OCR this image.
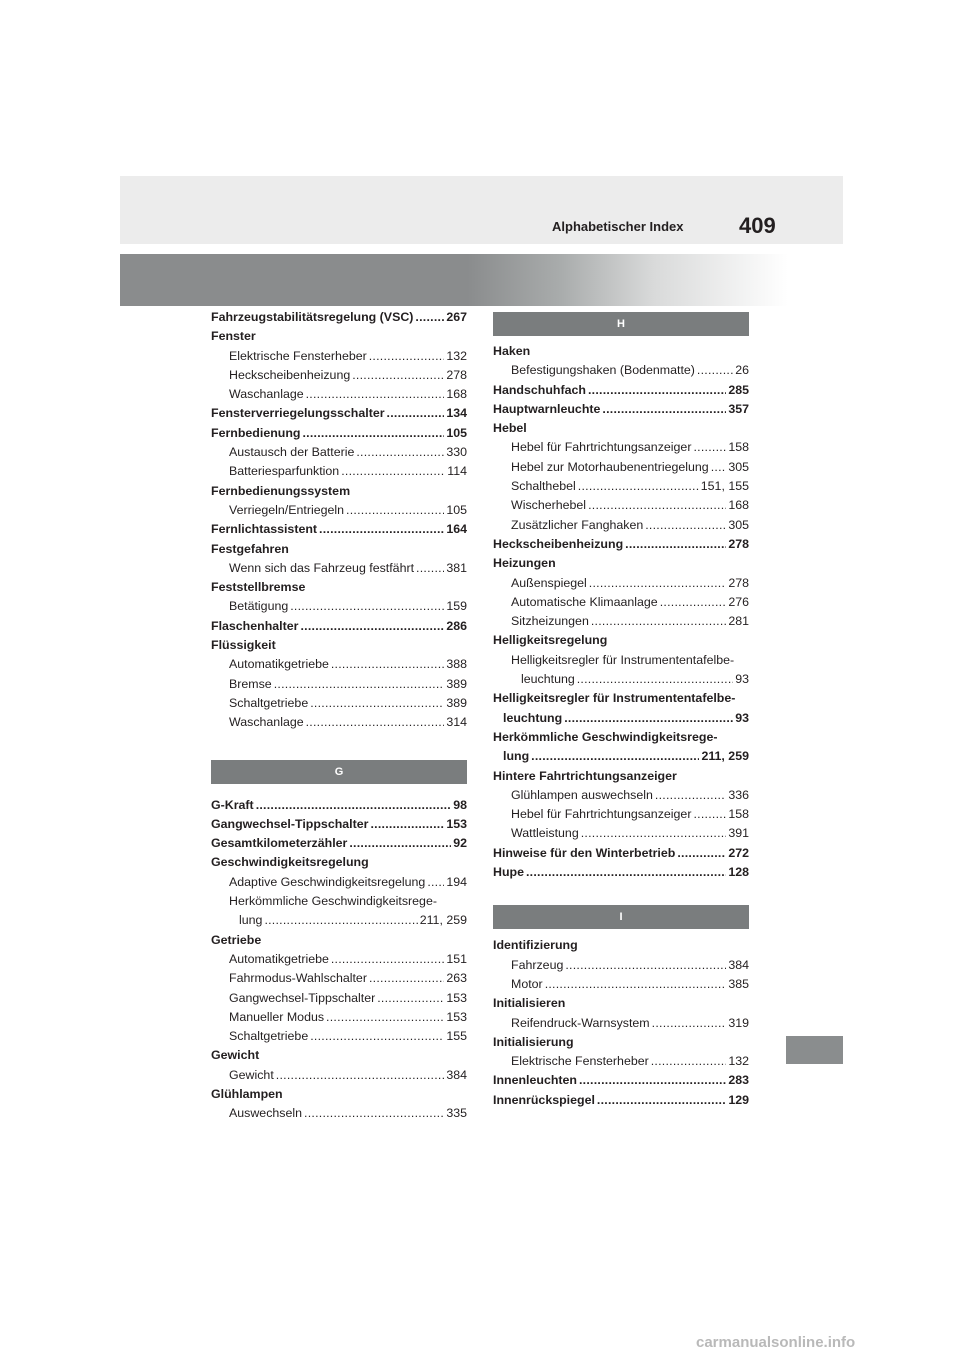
Alphabetischer Index	409
Fahrzeugstabilitätsregelung (VSC) . . .	267
Fenster
Elektrische Fensterheber . . .	132
Heckscheibenheizung . . .	278
Waschanlage . . .	168
Fensterverriegelungsschalter . . .	134
Fernbedienung . . .	105
Austausch der Batterie . . .	330
Batteriesparfunktion . . .	114
Fernbedienungssystem
Verriegeln/Entriegeln . . .	105
Fernlichtassistent . . .	164
Festgefahren
Wenn sich das Fahrzeug festfährt . . .	381
Feststellbremse
Betätigung . . .	159
Flaschenhalter . . .	286
Flüssigkeit
Automatikgetriebe . . .	388
Bremse . . .	389
Schaltgetriebe . . .	389
Waschanlage . . .	314
G
G-Kraft . . .	98
Gangwechsel-Tippschalter . . .	153
Gesamtkilometerzähler . . .	92
Geschwindigkeitsregelung
Adaptive Geschwindigkeitsregelung . . . 194
Herkömmliche Geschwindigkeitsrege-
lung . . .	211, 259
Getriebe
Automatikgetriebe . . .	151
Fahrmodus-Wahlschalter . . .	263
Gangwechsel-Tippschalter . . .	153
Manueller Modus . . .	153
Schaltgetriebe . . .	155
Gewicht
Gewicht . . .	384
Glühlampen
Auswechseln . . .	335
H
Haken
Befestigungshaken (Bodenmatte) . . .	26
Handschuhfach . . .	285
Hauptwarnleuchte . . .	357
Hebel
Hebel für Fahrtrichtungsanzeiger . . .	158
Hebel zur Motorhaubenentriegelung . . . 305
Schalthebel . . .	151, 155
Wischerhebel . . .	168
Zusätzlicher Fanghaken . . .	305
Heckscheibenheizung . . .	278
Heizungen
Außenspiegel . . .	278
Automatische Klimaanlage . . .	276
Sitzheizungen . . .	281
Helligkeitsregelung
Helligkeitsregler für Instrumententafelbe-
leuchtung . . .	93
Helligkeitsregler für Instrumententafelbe-
leuchtung . . .	93
Herkömmliche Geschwindigkeitsrege-
lung . . .	211, 259
Hintere Fahrtrichtungsanzeiger
Glühlampen auswechseln . . .	336
Hebel für Fahrtrichtungsanzeiger . . .	158
Wattleistung . . .	391
Hinweise für den Winterbetrieb . . .	272
Hupe . . .	128
I
Identifizierung
Fahrzeug . . .	384
Motor . . .	385
Initialisieren
Reifendruck-Warnsystem . . .	319
Initialisierung
Elektrische Fensterheber . . .	132
Innenleuchten . . .	283
Innenrückspiegel . . .	129
carmanualsonline.info
